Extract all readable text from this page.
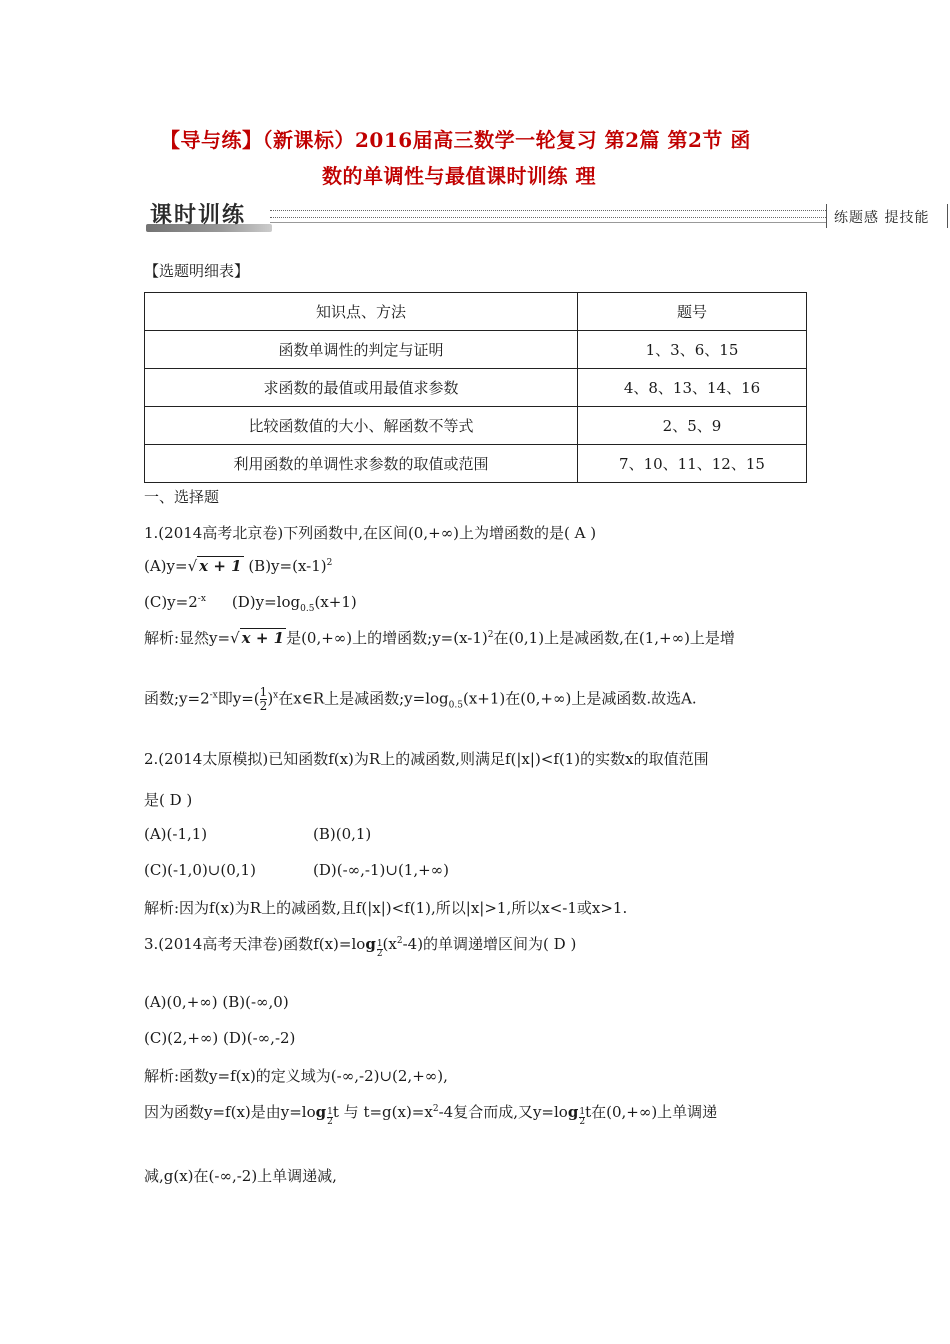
【导与练】（新课标）2016届高三数学一轮复习 第2篇 第2节 函
数的单调性与最值课时训练 理
课时训练	练题感 提技能
【选题明细表】
知识点、方法	题号
函数单调性的判定与证明	1、3、6、15
求函数的最值或用最值求参数	4、8、13、14、16
比较函数值的大小、解函数不等式	2、5、9
利用函数的单调性求参数的取值或范围	7、10、11、12、15
一、选择题
1.(2014高考北京卷)下列函数中,在区间(0,+∞)上为增函数的是( A )
(A)y=√ x + 1 $(B)y=(x-1)^2$
$(C)y=2^{-x}$ $(D)y=\log_{0.5}(x+1)$
解析:显然y=√ x + 1 是(0,+∞)上的增函数$;y=(x-1)^2$在(0,1)上是减函数,在(1,+∞)上是增
函数$;y=2^{-x}$即$y=( \frac{1}{2} )^x$在x∈R上是减函数$;y=\log_{0.5}(x+1)$在(0,+∞)上是减函数.故选A.
2.(2014太原模拟)已知函数f(x)为R上的减函数,则满足f(|x|)<f(1)的实数x的取值范围
是( D )
(A)(-1,1)	(B)(0,1)
(C)(-1,0)∪(0,1)	(D)(-∞,-1)∪(1,+∞)
解析:因为f(x)为R上的减函数,且f(|x|)<f(1),所以|x|>1,所以x<-1或x>1.
3.(2014高考天津卷)函数$f(x)=\log \frac{1}{2} (x^2-4)$的单调递增区间为( D )
(A)(0,+∞) (B)(-∞,0)
(C)(2,+∞) (D)(-∞,-2)
解析:函数y=f(x)的定义域为(-∞,-2)∪(2,+∞),
因为函数y=f(x)是由$y=\log \frac{1}{2}$ t 与 $t=g(x)=x^2-4$复合而成,又$y=\log \frac{1}{2}$ t在(0,+∞)上单调递
减,g(x)在(-∞,-2)上单调递减,
